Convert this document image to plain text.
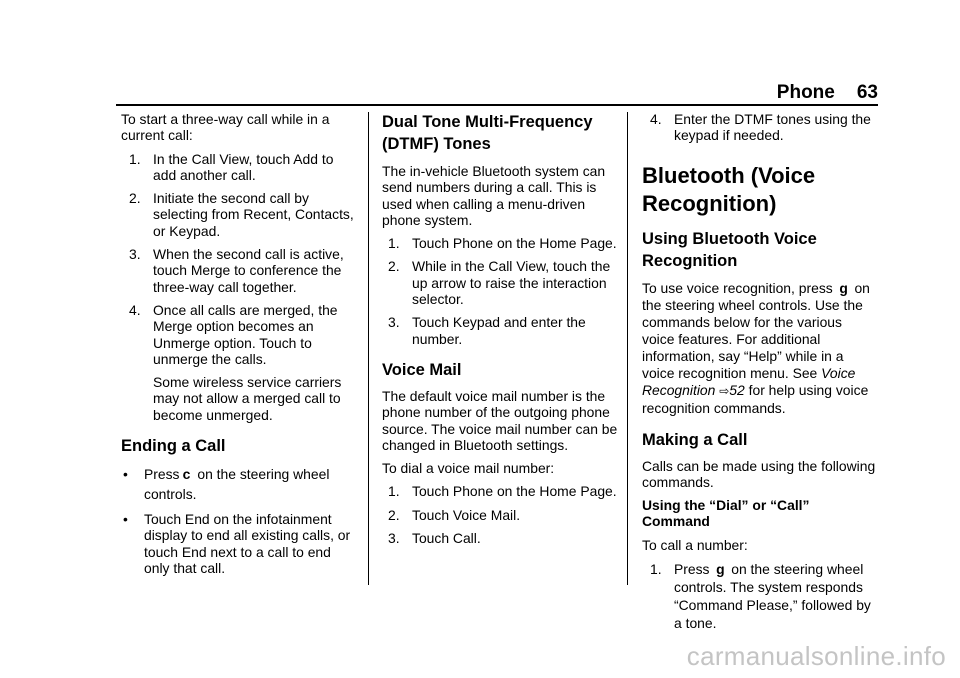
Phone 63

To start a three-way call while in a current call:

1. In the Call View, touch Add to add another call.
2. Initiate the second call by selecting from Recent, Contacts, or Keypad.
3. When the second call is active, touch Merge to conference the three-way call together.
4. Once all calls are merged, the Merge option becomes an Unmerge option. Touch to unmerge the calls.

Some wireless service carriers may not allow a merged call to become unmerged.

Ending a Call
• Press c on the steering wheel controls.
• Touch End on the infotainment display to end all existing calls, or touch End next to a call to end only that call.
Dual Tone Multi-Frequency (DTMF) Tones

The in-vehicle Bluetooth system can send numbers during a call. This is used when calling a menu-driven phone system.

1. Touch Phone on the Home Page.
2. While in the Call View, touch the up arrow to raise the interaction selector.
3. Touch Keypad and enter the number.
Voice Mail

The default voice mail number is the phone number of the outgoing phone source. The voice mail number can be changed in Bluetooth settings.

To dial a voice mail number:

1. Touch Phone on the Home Page.
2. Touch Voice Mail.
3. Touch Call.
4. Enter the DTMF tones using the keypad if needed.
Bluetooth (Voice Recognition)
Using Bluetooth Voice Recognition

To use voice recognition, press g on the steering wheel controls. Use the commands below for the various voice features. For additional information, say “Help” while in a voice recognition menu. See Voice Recognition ⇨52 for help using voice recognition commands.

Making a Call

Calls can be made using the following commands.

Using the “Dial” or “Call” Command

To call a number:

1. Press g on the steering wheel controls. The system responds “Command Please,” followed by a tone.
carmanualsonline.info
